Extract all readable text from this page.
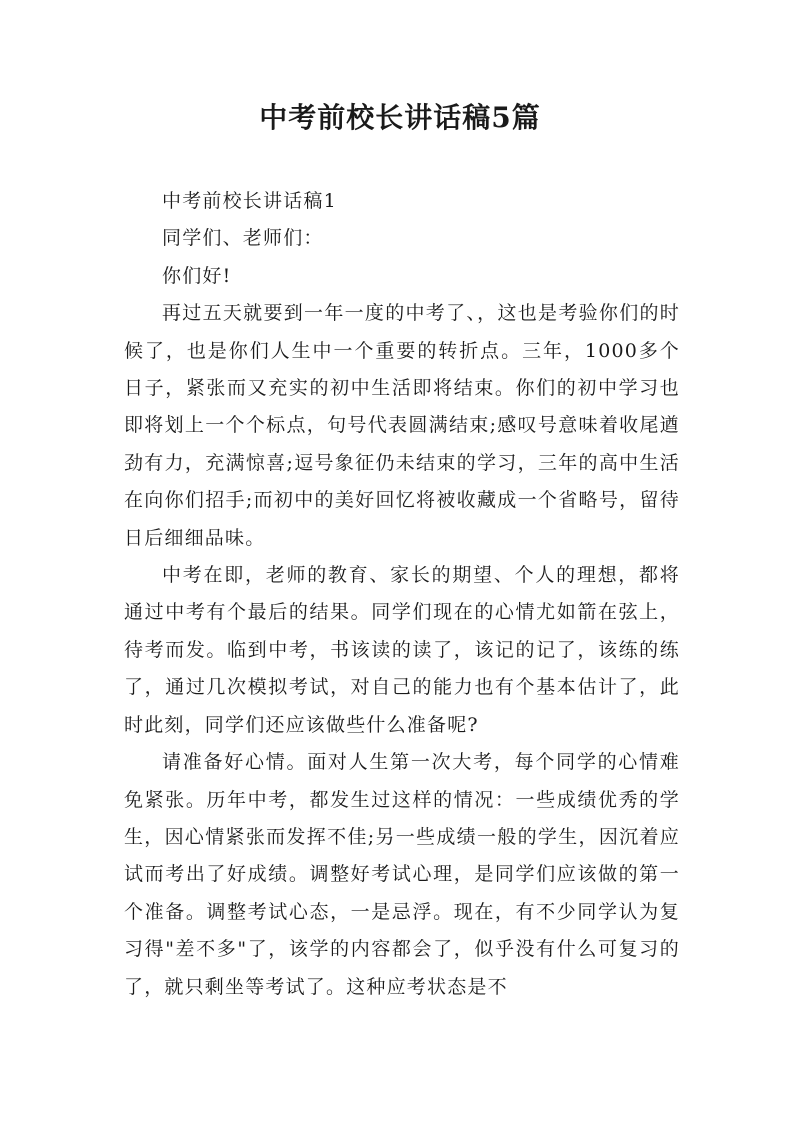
中考前校长讲话稿5篇

中考前校长讲话稿1

同学们、老师们：

你们好!

再过五天就要到一年一度的中考了、，这也是考验你们的时候了，也是你们人生中一个重要的转折点。三年，1000多个日子，紧张而又充实的初中生活即将结束。你们的初中学习也即将划上一个个标点，句号代表圆满结束;感叹号意味着收尾遒劲有力，充满惊喜;逗号象征仍未结束的学习，三年的高中生活在向你们招手;而初中的美好回忆将被收藏成一个省略号，留待日后细细品味。

中考在即，老师的教育、家长的期望、个人的理想，都将通过中考有个最后的结果。同学们现在的心情尤如箭在弦上，待考而发。临到中考，书该读的读了，该记的记了，该练的练了，通过几次模拟考试，对自己的能力也有个基本估计了，此时此刻，同学们还应该做些什么准备呢?

请准备好心情。面对人生第一次大考，每个同学的心情难免紧张。历年中考，都发生过这样的情况：一些成绩优秀的学生，因心情紧张而发挥不佳;另一些成绩一般的学生，因沉着应试而考出了好成绩。调整好考试心理，是同学们应该做的第一个准备。调整考试心态，一是忌浮。现在，有不少同学认为复习得"差不多"了，该学的内容都会了，似乎没有什么可复习的了，就只剩坐等考试了。这种应考状态是不
